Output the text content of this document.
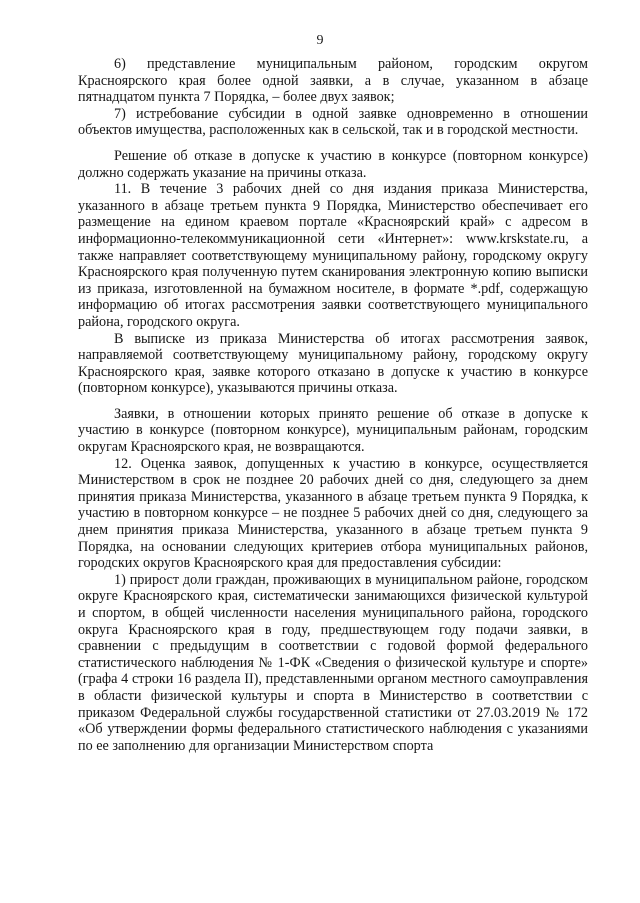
9

6) представление муниципальным районом, городским округом Красноярского края более одной заявки, а в случае, указанном в абзаце пятнадцатом пункта 7 Порядка, – более двух заявок;

7) истребование субсидии в одной заявке одновременно в отношении объектов имущества, расположенных как в сельской, так и в городской местности.

Решение об отказе в допуске к участию в конкурсе (повторном конкурсе) должно содержать указание на причины отказа.

11. В течение 3 рабочих дней со дня издания приказа Министерства, указанного в абзаце третьем пункта 9 Порядка, Министерство обеспечивает его размещение на едином краевом портале «Красноярский край» с адресом в информационно-телекоммуникационной сети «Интернет»: www.krskstate.ru, а также направляет соответствующему муниципальному району, городскому округу Красноярского края полученную путем сканирования электронную копию выписки из приказа, изготовленной на бумажном носителе, в формате *.pdf, содержащую информацию об итогах рассмотрения заявки соответствующего муниципального района, городского округа.

В выписке из приказа Министерства об итогах рассмотрения заявок, направляемой соответствующему муниципальному району, городскому округу Красноярского края, заявке которого отказано в допуске к участию в конкурсе (повторном конкурсе), указываются причины отказа.

Заявки, в отношении которых принято решение об отказе в допуске к участию в конкурсе (повторном конкурсе), муниципальным районам, городским округам Красноярского края, не возвращаются.

12. Оценка заявок, допущенных к участию в конкурсе, осуществляется Министерством в срок не позднее 20 рабочих дней со дня, следующего за днем принятия приказа Министерства, указанного в абзаце третьем пункта 9 Порядка, к участию в повторном конкурсе – не позднее 5 рабочих дней со дня, следующего за днем принятия приказа Министерства, указанного в абзаце третьем пункта 9 Порядка, на основании следующих критериев отбора муниципальных районов, городских округов Красноярского края для предоставления субсидии:

1) прирост доли граждан, проживающих в муниципальном районе, городском округе Красноярского края, систематически занимающихся физической культурой и спортом, в общей численности населения муниципального района, городского округа Красноярского края в году, предшествующем году подачи заявки, в сравнении с предыдущим в соответствии с годовой формой федерального статистического наблюдения № 1-ФК «Сведения о физической культуре и спорте» (графа 4 строки 16 раздела II), представленными органом местного самоуправления в области физической культуры и спорта в Министерство в соответствии с приказом Федеральной службы государственной статистики от 27.03.2019 № 172 «Об утверждении формы федерального статистического наблюдения с указаниями по ее заполнению для организации Министерством спорта
